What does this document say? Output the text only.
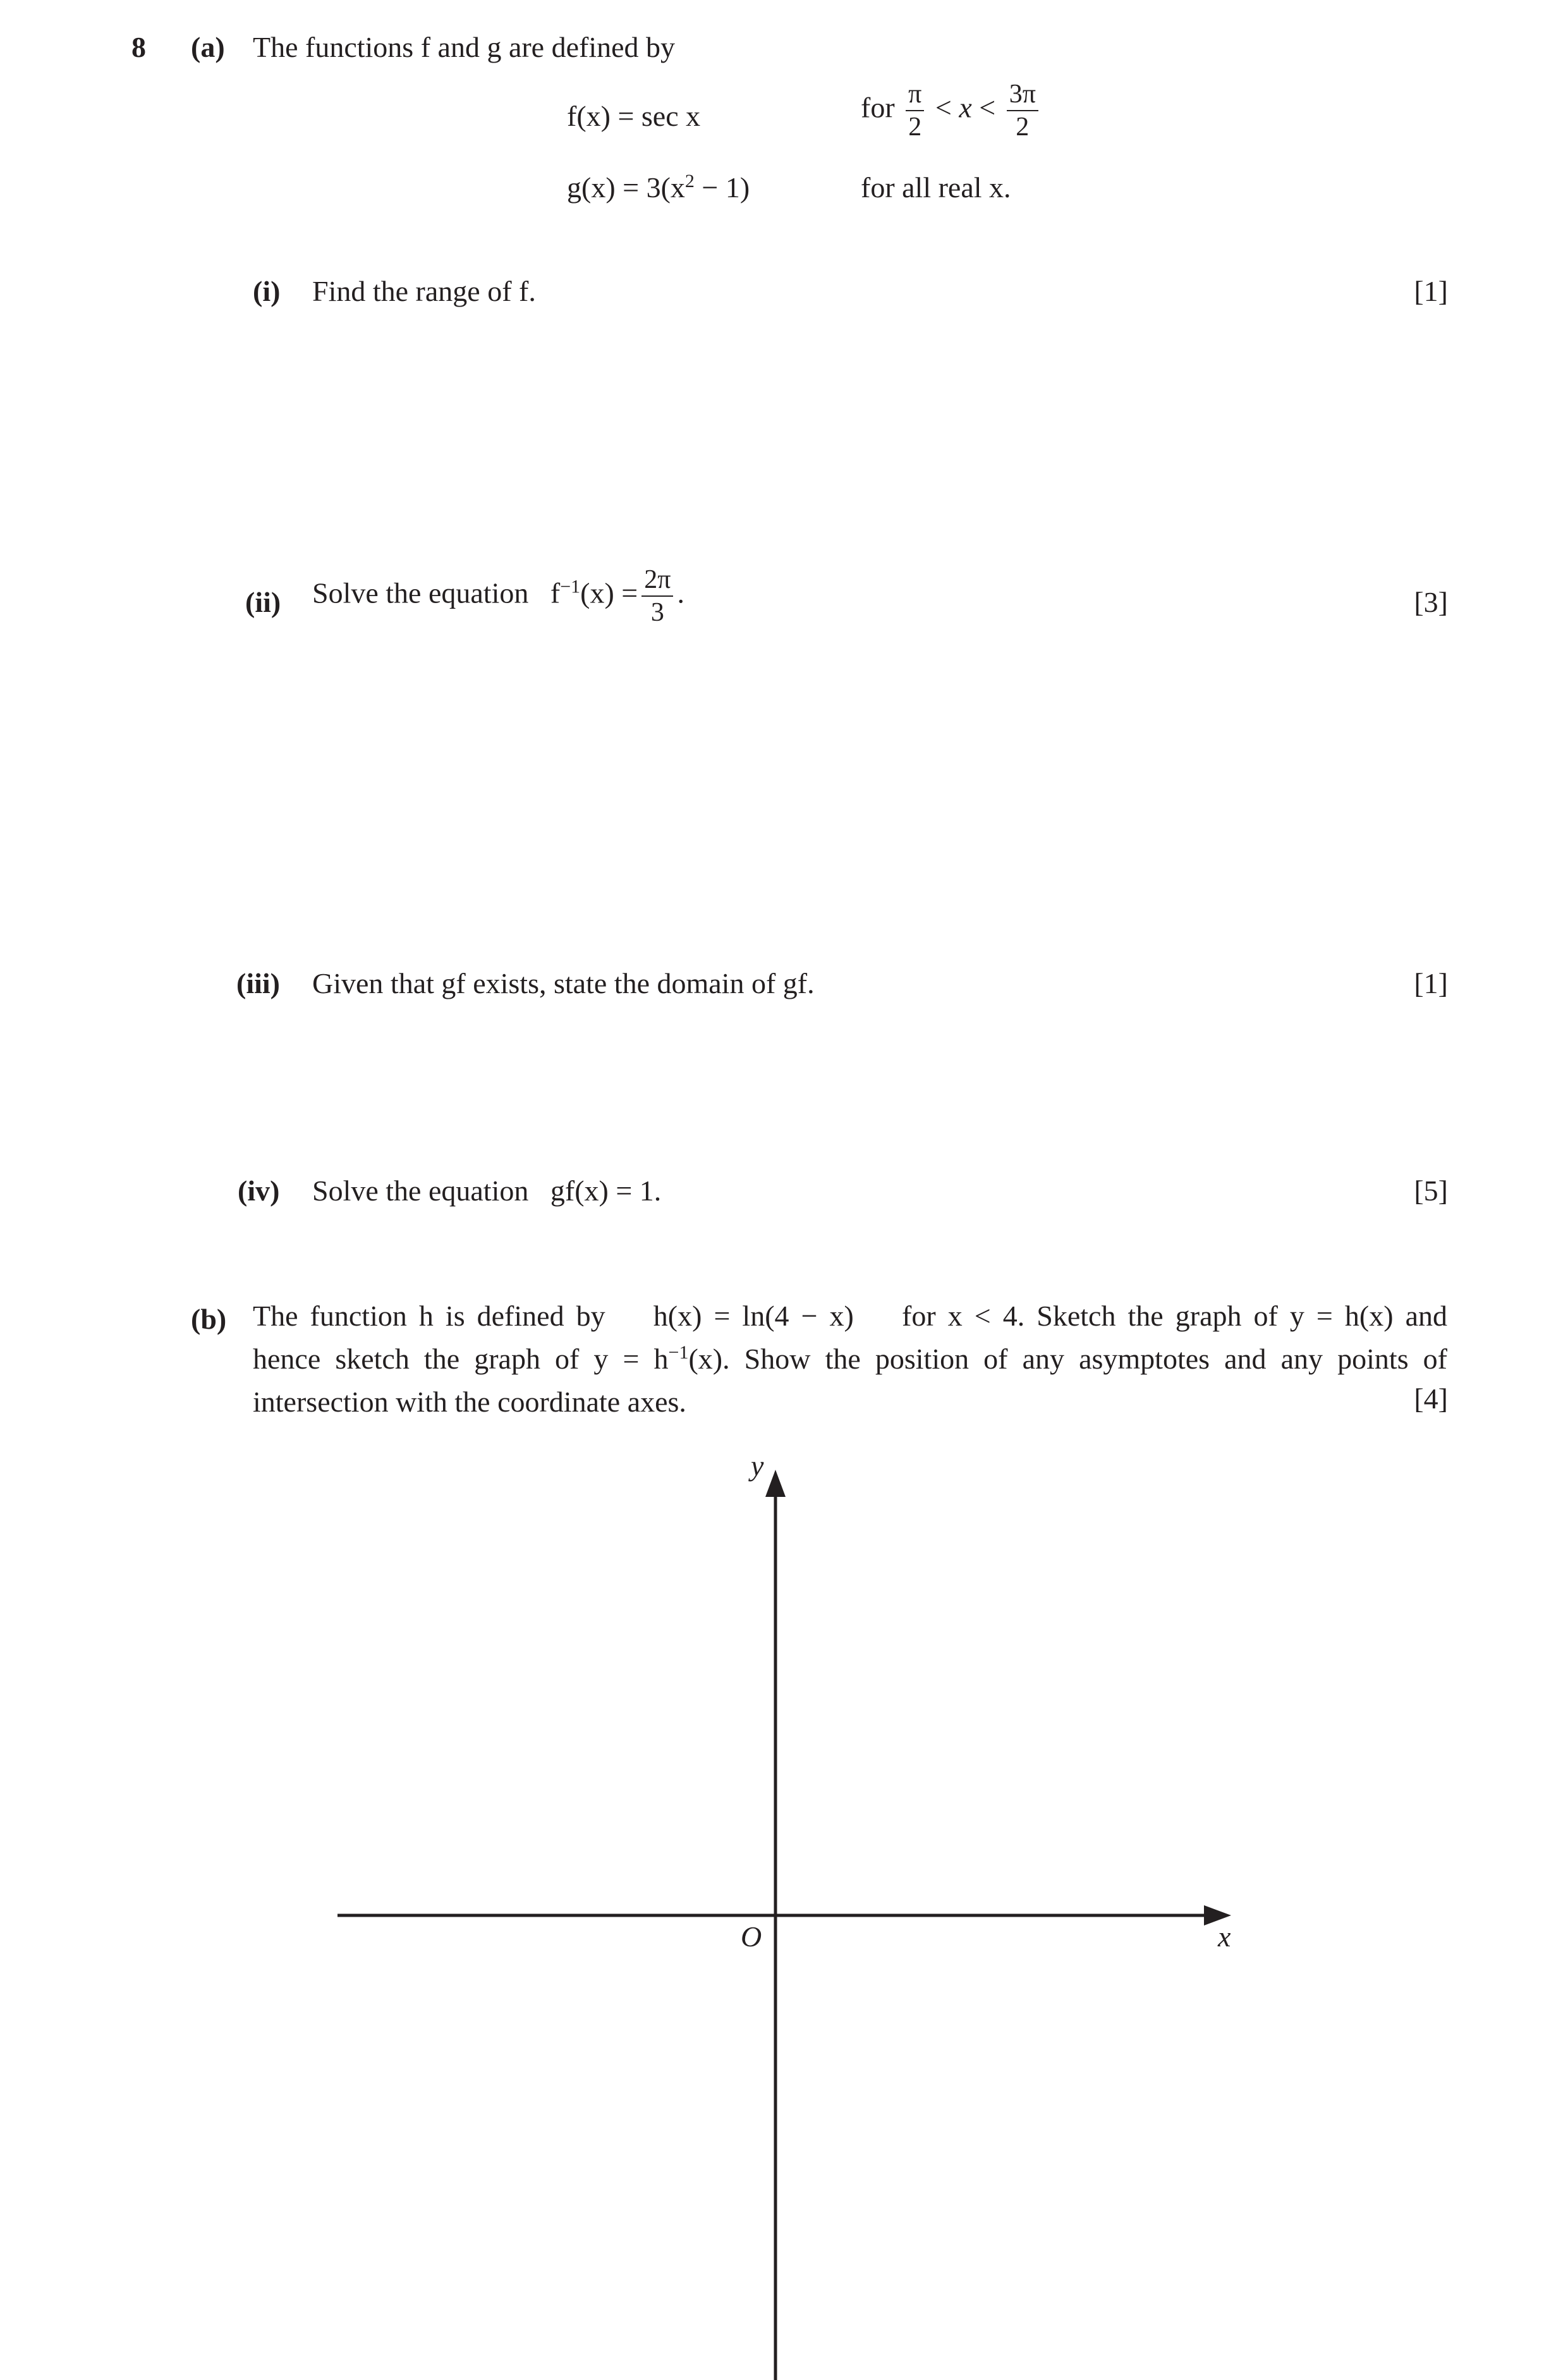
8 (a) The functions f and g are defined by
f(x) = sec x	for $\frac{\pi}{2} < x < \frac{3\pi}{2}$
$g(x) = 3(x^2 - 1)$	for all real x.
(i) Find the range of f.	[1]
(ii) Solve the equation $f^{-1}(x) = \frac{2\pi}{3}$ .	[3]
(iii) Given that gf exists, state the domain of gf.	[1]
(iv) Solve the equation gf(x) = 1.	[5]
(b) The function h is defined by h(x) = ln(4 − x) for x < 4. Sketch the graph of y = h(x) and
hence sketch the graph of $y = h^{-1}(x)$. Show the position of any asymptotes and any points of
intersection with the coordinate axes.	[4]
y
x
O
